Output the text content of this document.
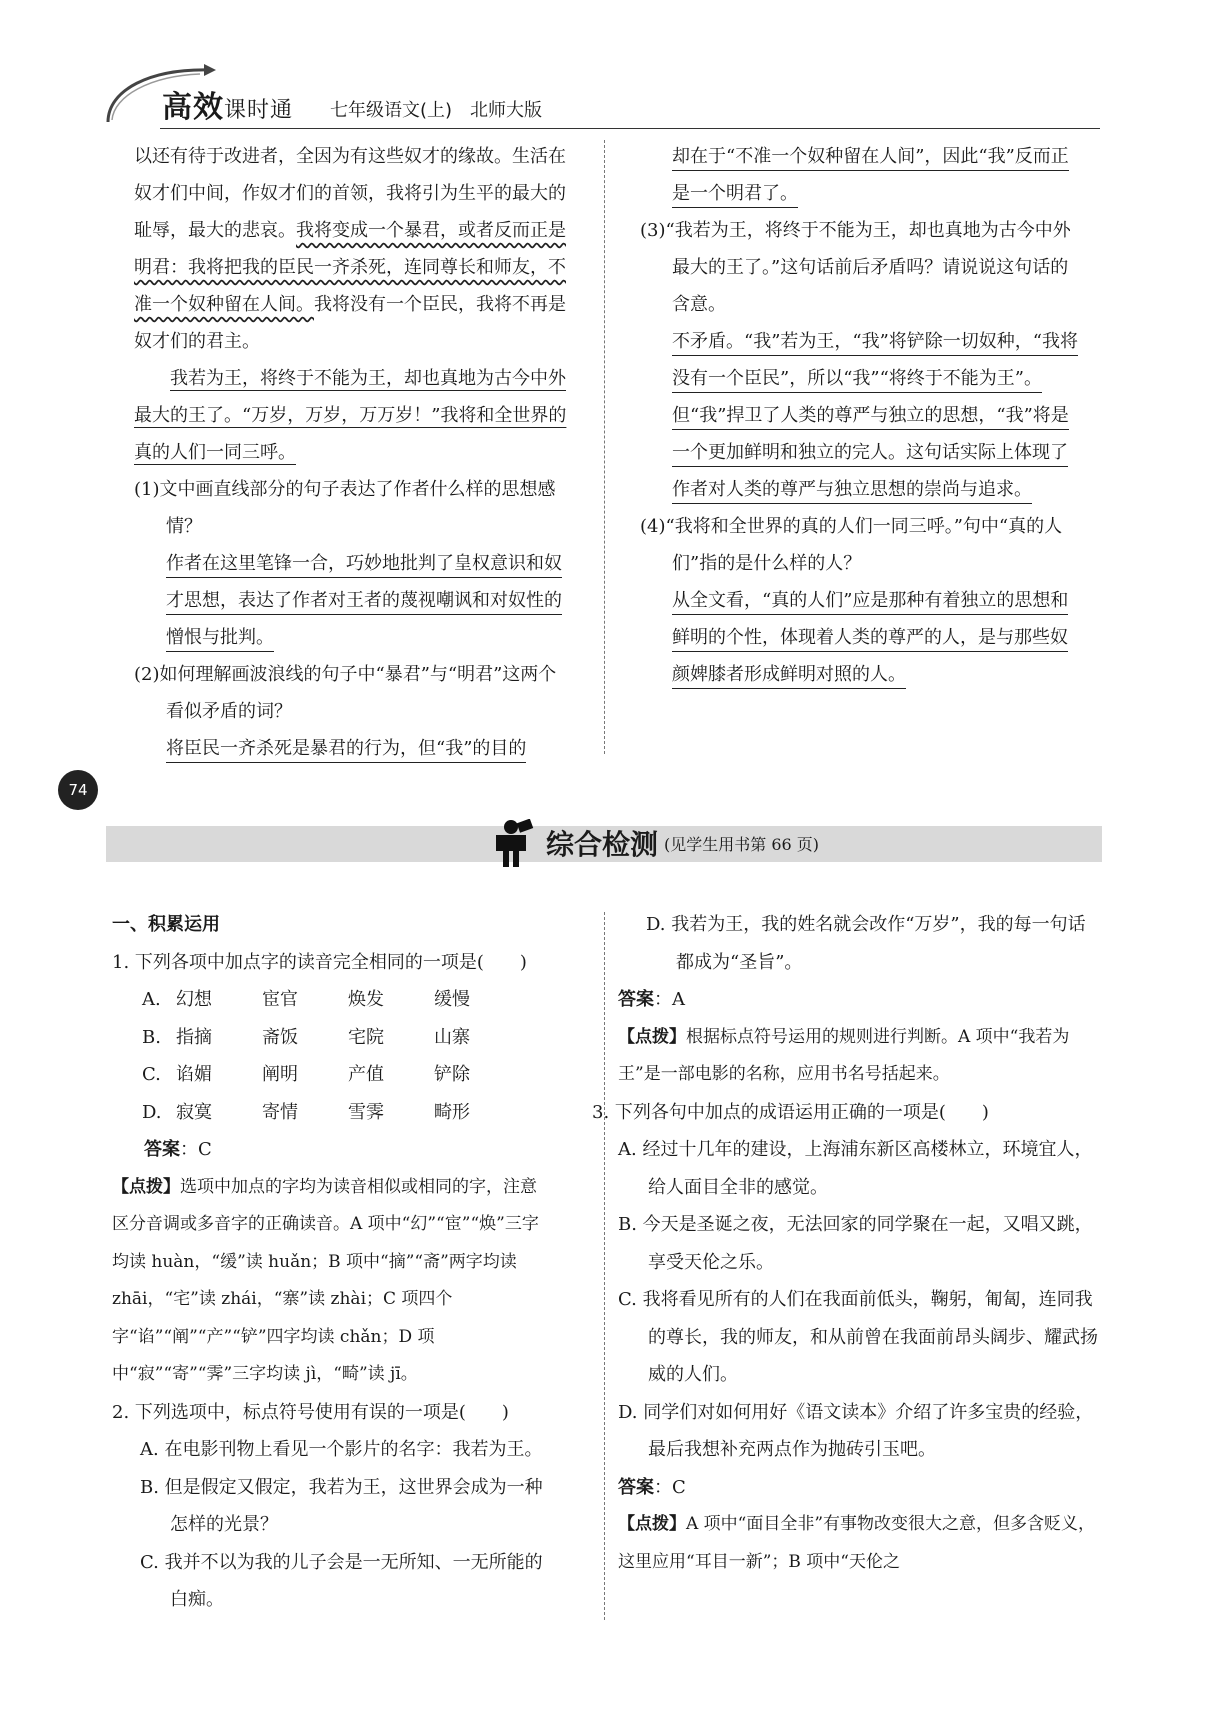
高效课时通 七年级语文(上)　北师大版

以还有待于改进者，全因为有这些奴才的缘故。生活在奴才们中间，作奴才们的首领，我将引为生平的最大的耻辱，最大的悲哀。我将变成一个暴君，或者反而正是明君：我将把我的臣民一齐杀死，连同尊长和师友，不准一个奴种留在人间。我将没有一个臣民，我将不再是奴才们的君主。

我若为王，将终于不能为王，却也真地为古今中外最大的王了。“万岁，万岁，万万岁！”我将和全世界的真的人们一同三呼。

(1)文中画直线部分的句子表达了作者什么样的思想感情？

作者在这里笔锋一合，巧妙地批判了皇权意识和奴才思想，表达了作者对王者的蔑视嘲讽和对奴性的憎恨与批判。

(2)如何理解画波浪线的句子中“暴君”与“明君”这两个看似矛盾的词？

将臣民一齐杀死是暴君的行为，但“我”的目的

却在于“不准一个奴种留在人间”，因此“我”反而正是一个明君了。

(3)“我若为王，将终于不能为王，却也真地为古今中外最大的王了。”这句话前后矛盾吗？请说说这句话的含意。

不矛盾。“我”若为王，“我”将铲除一切奴种，“我将没有一个臣民”，所以“我”“将终于不能为王”。但“我”捍卫了人类的尊严与独立的思想，“我”将是一个更加鲜明和独立的完人。这句话实际上体现了作者对人类的尊严与独立思想的崇尚与追求。

(4)“我将和全世界的真的人们一同三呼。”句中“真的人们”指的是什么样的人？

从全文看，“真的人们”应是那种有着独立的思想和鲜明的个性，体现着人类的尊严的人，是与那些奴颜婢膝者形成鲜明对照的人。

74
综合检测 (见学生用书第 66 页)

一、积累运用

1. 下列各项中加点字的读音完全相同的一项是(　　)

A. 幻想	宦官	焕发	缓慢
B. 指摘	斋饭	宅院	山寨
C. 谄媚	阐明	产值	铲除
D. 寂寞	寄情	雪霁	畸形

答案：C

【点拨】选项中加点的字均为读音相似或相同的字，注意区分音调或多音字的正确读音。A 项中“幻”“宦”“焕”三字均读 huàn，“缓”读 huǎn；B 项中“摘”“斋”两字均读 zhāi，“宅”读 zhái，“寨”读 zhài；C 项四个字“谄”“阐”“产”“铲”四字均读 chǎn；D 项中“寂”“寄”“霁”三字均读 jì，“畸”读 jī。

2. 下列选项中，标点符号使用有误的一项是(　　)

A. 在电影刊物上看见一个影片的名字：我若为王。

B. 但是假定又假定，我若为王，这世界会成为一种怎样的光景？

C. 我并不以为我的儿子会是一无所知、一无所能的白痴。

D. 我若为王，我的姓名就会改作“万岁”，我的每一句话都成为“圣旨”。

答案：A

【点拨】根据标点符号运用的规则进行判断。A 项中“我若为王”是一部电影的名称，应用书名号括起来。

3. 下列各句中加点的成语运用正确的一项是(　　)

A. 经过十几年的建设，上海浦东新区高楼林立，环境宜人，给人面目全非的感觉。

B. 今天是圣诞之夜，无法回家的同学聚在一起，又唱又跳，享受天伦之乐。

C. 我将看见所有的人们在我面前低头，鞠躬，匍匐，连同我的尊长，我的师友，和从前曾在我面前昂头阔步、耀武扬威的人们。

D. 同学们对如何用好《语文读本》介绍了许多宝贵的经验，最后我想补充两点作为抛砖引玉吧。

答案：C

【点拨】A 项中“面目全非”有事物改变很大之意，但多含贬义，这里应用“耳目一新”；B 项中“天伦之
